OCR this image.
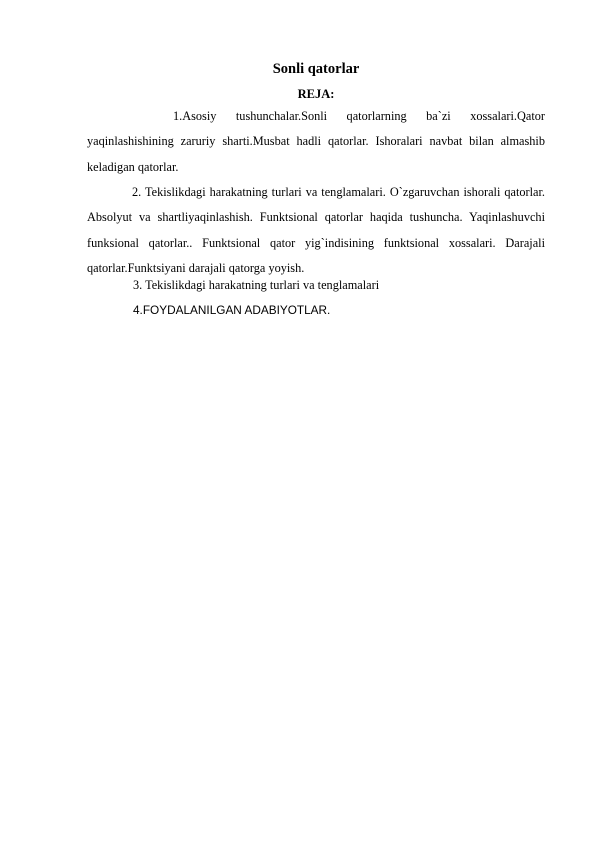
Sonli qatorlar
REJA:
1.Asosiy tushunchalar.Sonli qatorlarning ba`zi xossalari.Qator yaqinlashishining zaruriy sharti.Musbat hadli qatorlar. Ishoralari navbat bilan almashib keladigan qatorlar.
2. Tekislikdagi harakatning turlari va tenglamalari. O`zgaruvchan ishorali qatorlar. Absolyut va shartliyaqinlashish. Funktsional qatorlar haqida tushuncha. Yaqinlashuvchi funksional qatorlar.. Funktsional qator yig`indisining funktsional xossalari. Darajali qatorlar.Funktsiyani darajali qatorga yoyish.
3. Tekislikdagi harakatning turlari va tenglamalari
4.FOYDALANILGAN ADABIYOTLAR.
